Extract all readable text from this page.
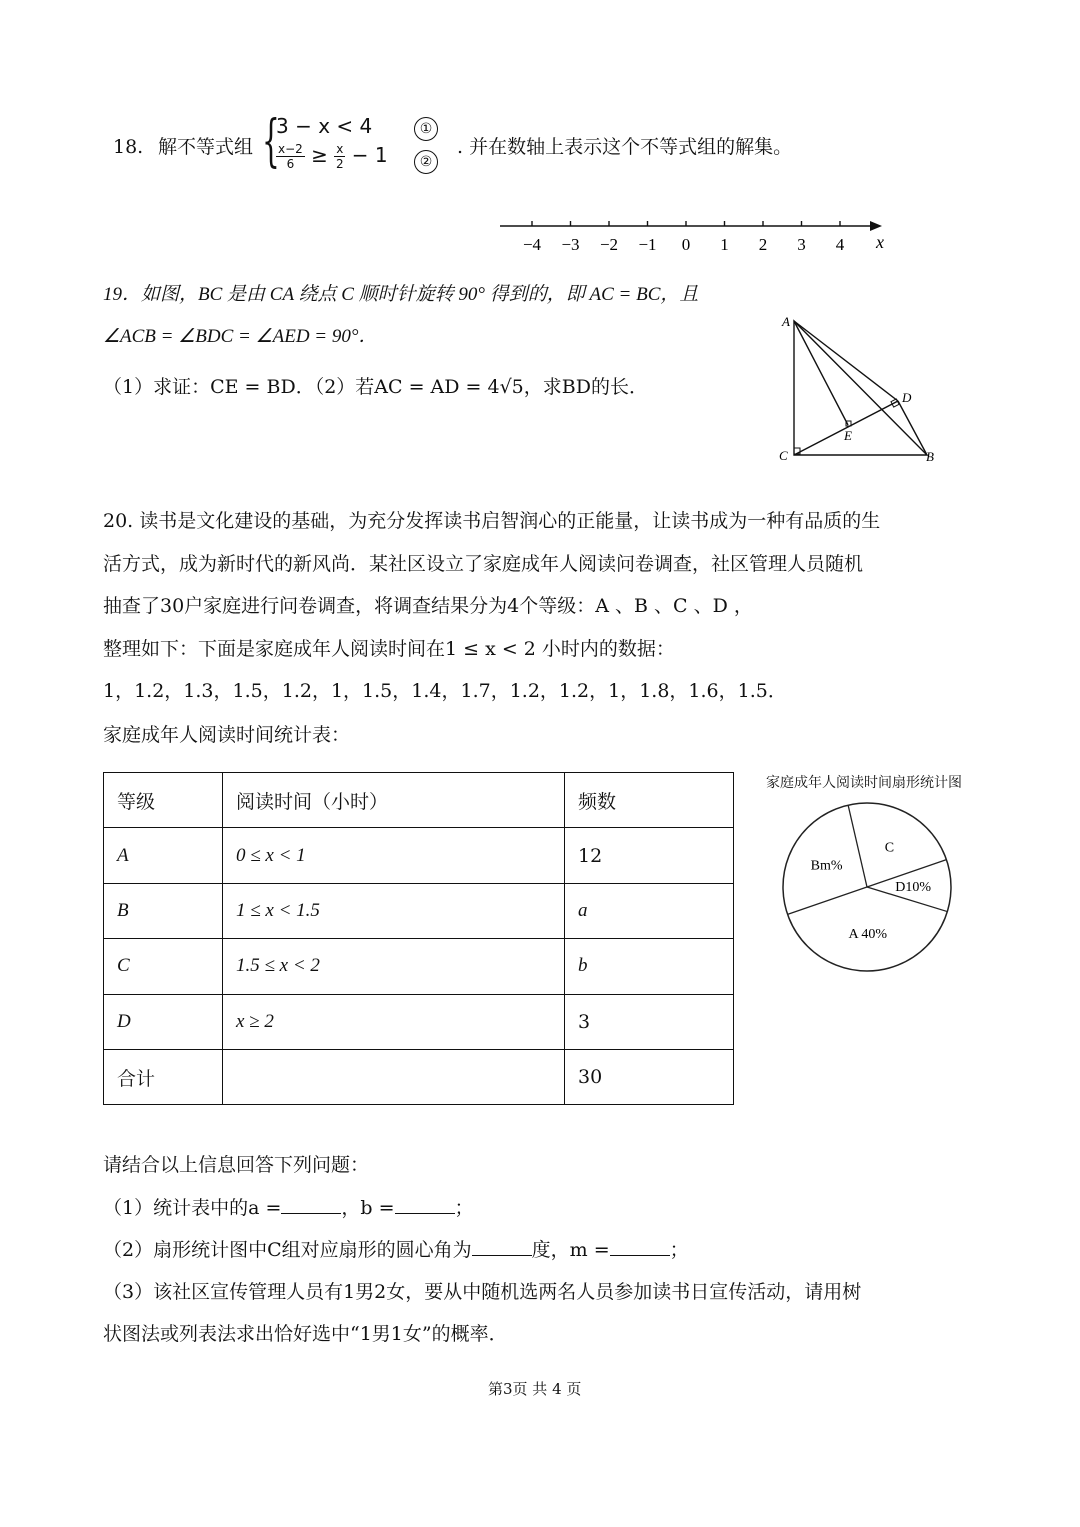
18. 解不等式组 {
3 − x < 4	①
$\frac{x-2}{6} \ge \frac{x}{2} - 1$	②
. 并在数轴上表示这个不等式组的解集。
−4 −3 −2 −1 0 1 2 3 4 x
19．如图，BC 是由 CA 绕点 C 顺时针旋转 90° 得到的，即 AC = BC，且
∠ACB = ∠BDC = ∠AED = 90°．
（1）求证：CE = BD．（2）若AC = AD = 4√5，求BD的长．
A
D
E
C	B
20. 读书是文化建设的基础，为充分发挥读书启智润心的正能量，让读书成为一种有品质的生
活方式，成为新时代的新风尚．某社区设立了家庭成年人阅读问卷调查，社区管理人员随机
抽查了30户家庭进行问卷调查，将调查结果分为4个等级：A 、B 、C 、D ，
整理如下：下面是家庭成年人阅读时间在1 ≤ x < 2 小时内的数据：
1，1.2，1.3，1.5，1.2，1，1.5，1.4，1.7，1.2，1.2，1，1.8，1.6，1.5．
家庭成年人阅读时间统计表：
等级	阅读时间（小时）	频数
A	0 ≤ x < 1	12
B	1 ≤ x < 1.5	a
C	1.5 ≤ x < 2	b
D	x ≥ 2	3
合计		30
家庭成年人阅读时间扇形统计图
D10%
A 40%
Bm%
C
请结合以上信息回答下列问题：
（1）统计表中的a =	，b =	；
（2）扇形统计图中C组对应扇形的圆心角为	度，m =	；
（3）该社区宣传管理人员有1男2女，要从中随机选两名人员参加读书日宣传活动，请用树
状图法或列表法求出恰好选中“1男1女”的概率．
第3页 共 4 页
